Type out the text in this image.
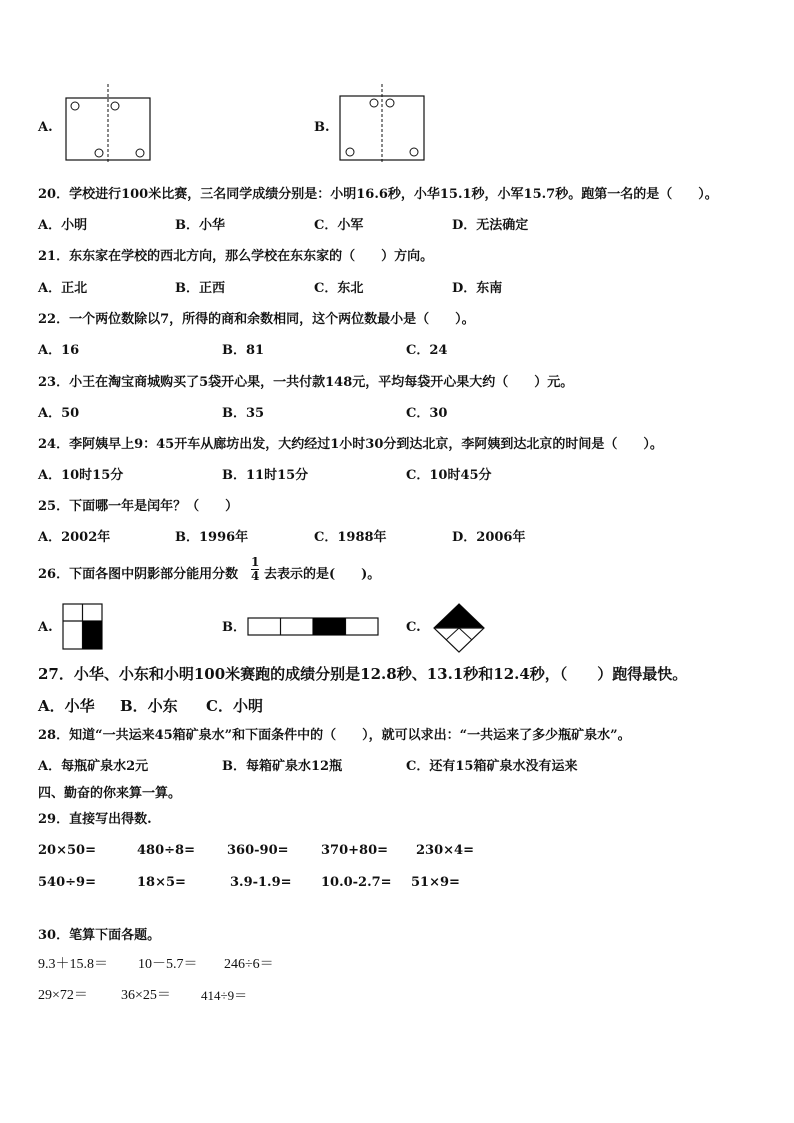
A.	B.
20．学校进行100米比赛，三名同学成绩分别是：小明16.6秒，小华15.1秒，小军15.7秒。跑第一名的是（　　）。
A．小明	B．小华	C．小军	D．无法确定
21．东东家在学校的西北方向，那么学校在东东家的（　　）方向。
A．正北	B．正西	C．东北	D．东南
22．一个两位数除以7，所得的商和余数相同，这个两位数最小是（　　）。
A．16	B．81	C．24
23．小王在淘宝商城购买了5袋开心果，一共付款148元，平均每袋开心果大约（　　）元。
A．50	B．35	C．30
24．李阿姨早上9：45开车从廊坊出发，大约经过1小时30分到达北京，李阿姨到达北京的时间是（　　）。
A．10时15分	B．11时15分	C．10时45分
25．下面哪一年是闰年？（　　）
A．2002年	B．1996年	C．1988年	D．2006年
26．下面各图中阴影部分能用分数
1
4 去表示的是(　　)。
A.	B．	C.
27．小华、小东和小明100米赛跑的成绩分别是12.8秒、13.1秒和12.4秒，（　　）跑得最快。
A．小华 B．小东 C．小明
28．知道“一共运来45箱矿泉水”和下面条件中的（　　），就可以求出：“一共运来了多少瓶矿泉水”。
A．每瓶矿泉水2元	B．每箱矿泉水12瓶	C．还有15箱矿泉水没有运来
四、勤奋的你来算一算。
29．直接写出得数.
20×50=	480÷8= 360-90= 370+80= 230×4=
540÷9=	18×5=	3.9-1.9= 10.0-2.7= 51×9=
30．笔算下面各题。
9.3＋15.8＝ 10－5.7＝ 246÷6＝
29×72＝ 36×25＝ 414÷9＝
